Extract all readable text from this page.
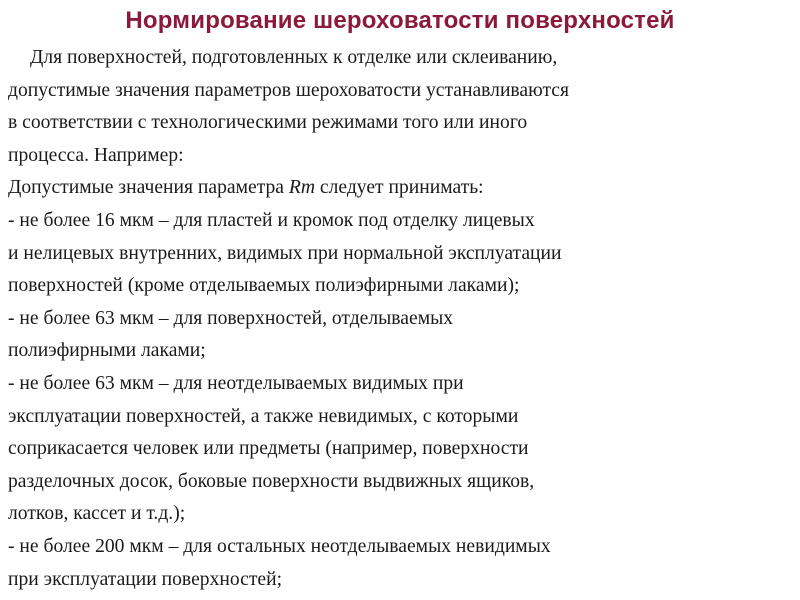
Нормирование шероховатости поверхностей
Для поверхностей, подготовленных к отделке или склеиванию,
допустимые значения параметров шероховатости устанавливаются
в соответствии с технологическими режимами того или иного
процесса. Например:
Допустимые значения параметра Rm следует принимать:
- не более 16 мкм – для пластей и кромок под отделку лицевых
и нелицевых внутренних, видимых при нормальной эксплуатации
поверхностей (кроме отделываемых полиэфирными лаками);
- не более 63 мкм – для поверхностей, отделываемых
полиэфирными лаками;
- не более 63 мкм – для неотделываемых видимых при
эксплуатации поверхностей, а также невидимых, с которыми
соприкасается человек или предметы (например, поверхности
разделочных досок, боковые поверхности выдвижных ящиков,
лотков, кассет и т.д.);
- не более 200 мкм – для остальных неотделываемых невидимых
при эксплуатации поверхностей;
